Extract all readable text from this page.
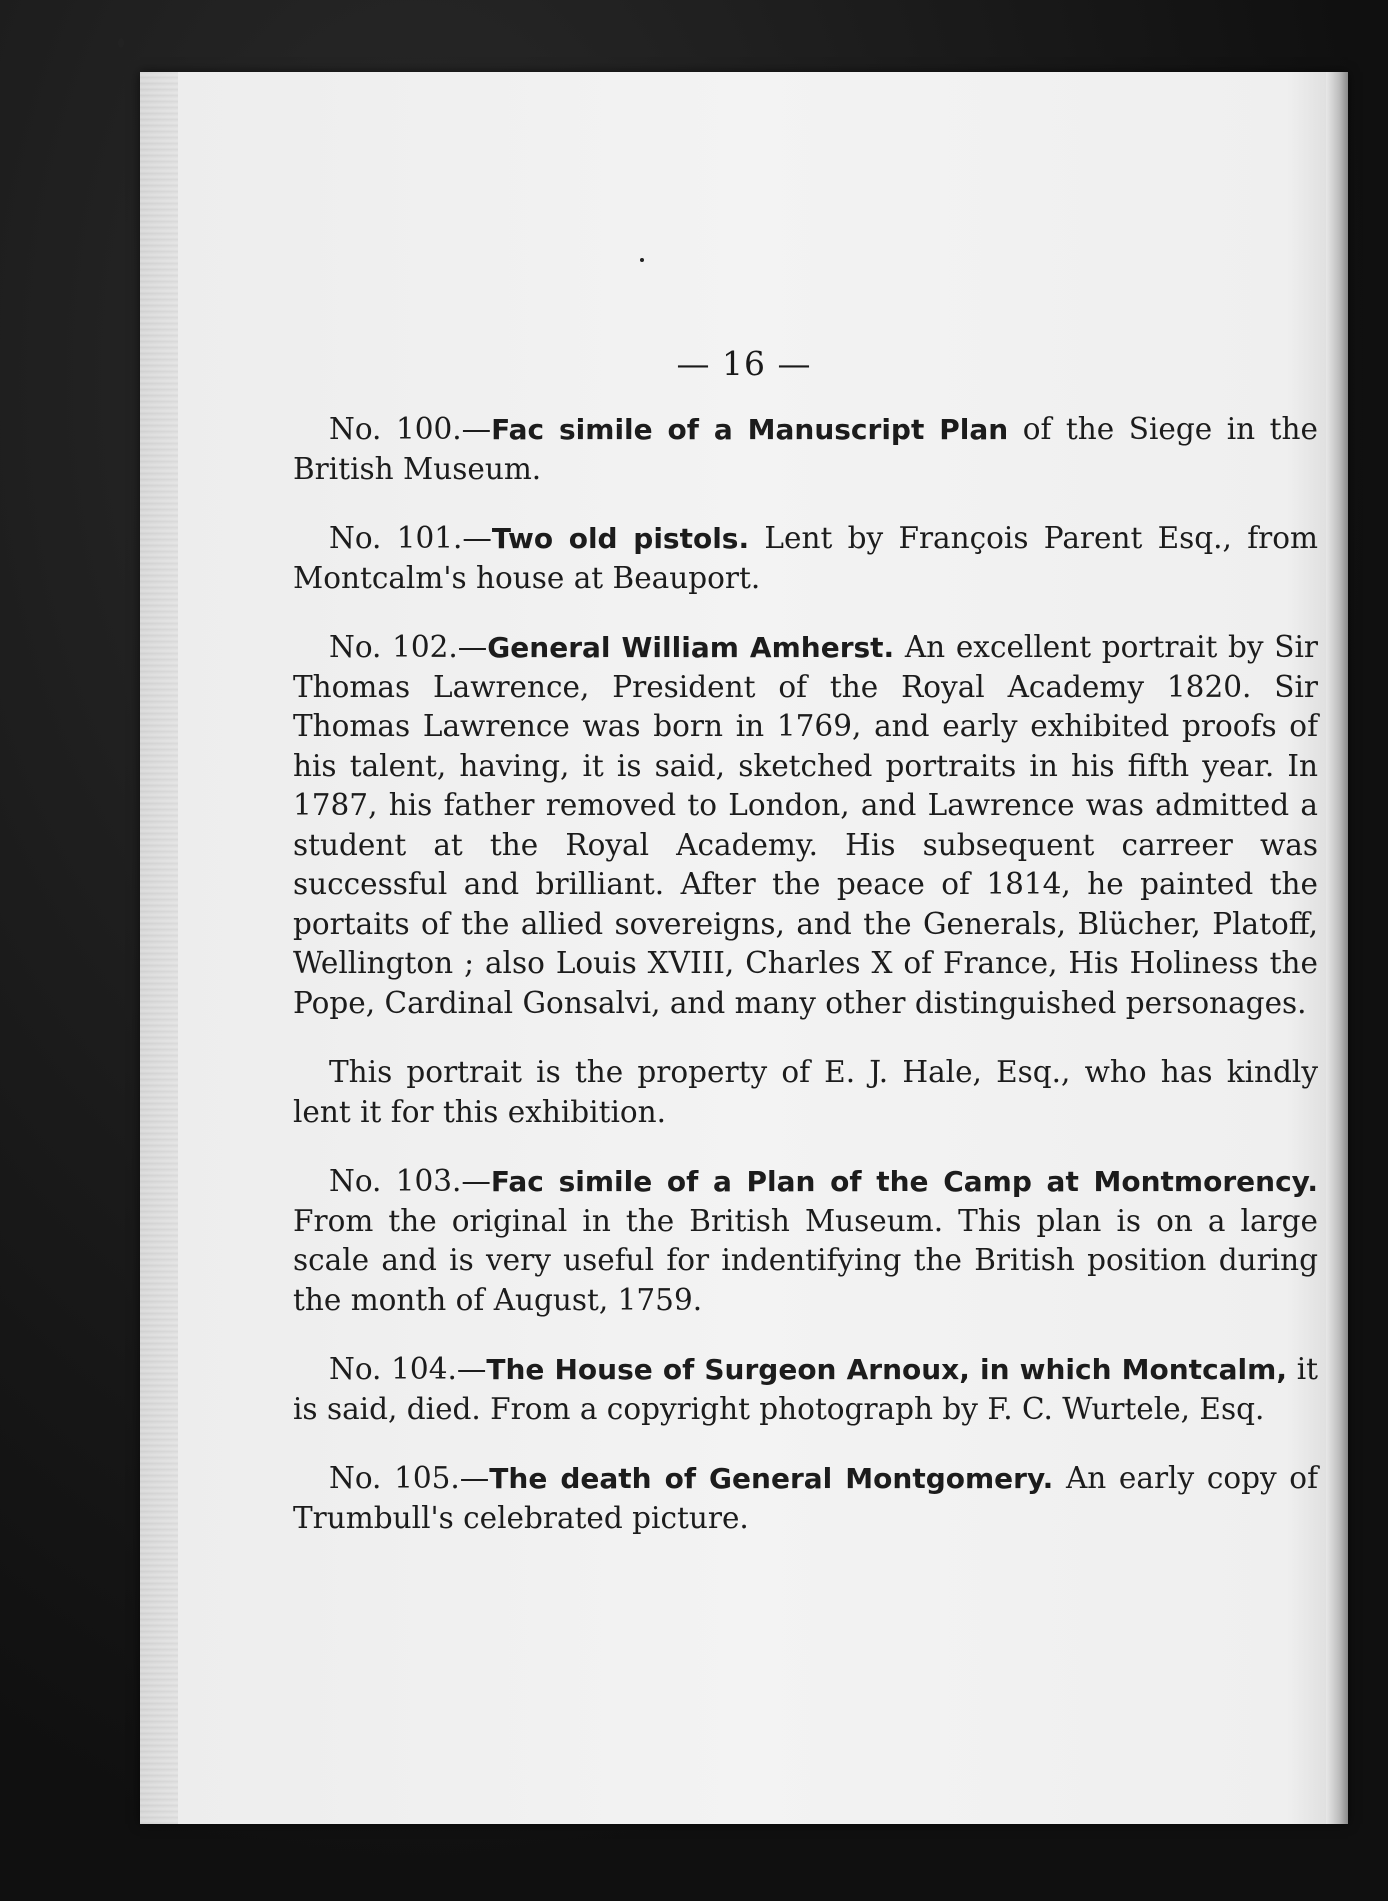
— 16 —

No. 100.—Fac simile of a Manuscript Plan of the Siege in the British Museum.

No. 101.—Two old pistols. Lent by François Parent Esq., from Montcalm's house at Beauport.

No. 102.—General William Amherst. An excellent portrait by Sir Thomas Lawrence, President of the Royal Academy 1820. Sir Thomas Lawrence was born in 1769, and early exhibited proofs of his talent, having, it is said, sketched portraits in his fifth year. In 1787, his father removed to London, and Lawrence was admitted a student at the Royal Academy. His subsequent carreer was successful and brilliant. After the peace of 1814, he painted the portaits of the allied sovereigns, and the Generals, Blücher, Platoff, Wellington ; also Louis XVIII, Charles X of France, His Holiness the Pope, Cardinal Gonsalvi, and many other distinguished personages.

This portrait is the property of E. J. Hale, Esq., who has kindly lent it for this exhibition.

No. 103.—Fac simile of a Plan of the Camp at Montmorency. From the original in the British Museum. This plan is on a large scale and is very useful for indentifying the British position during the month of August, 1759.

No. 104.—The House of Surgeon Arnoux, in which Montcalm, it is said, died. From a copyright photograph by F. C. Wurtele, Esq.

No. 105.—The death of General Montgomery. An early copy of Trumbull's celebrated picture.
